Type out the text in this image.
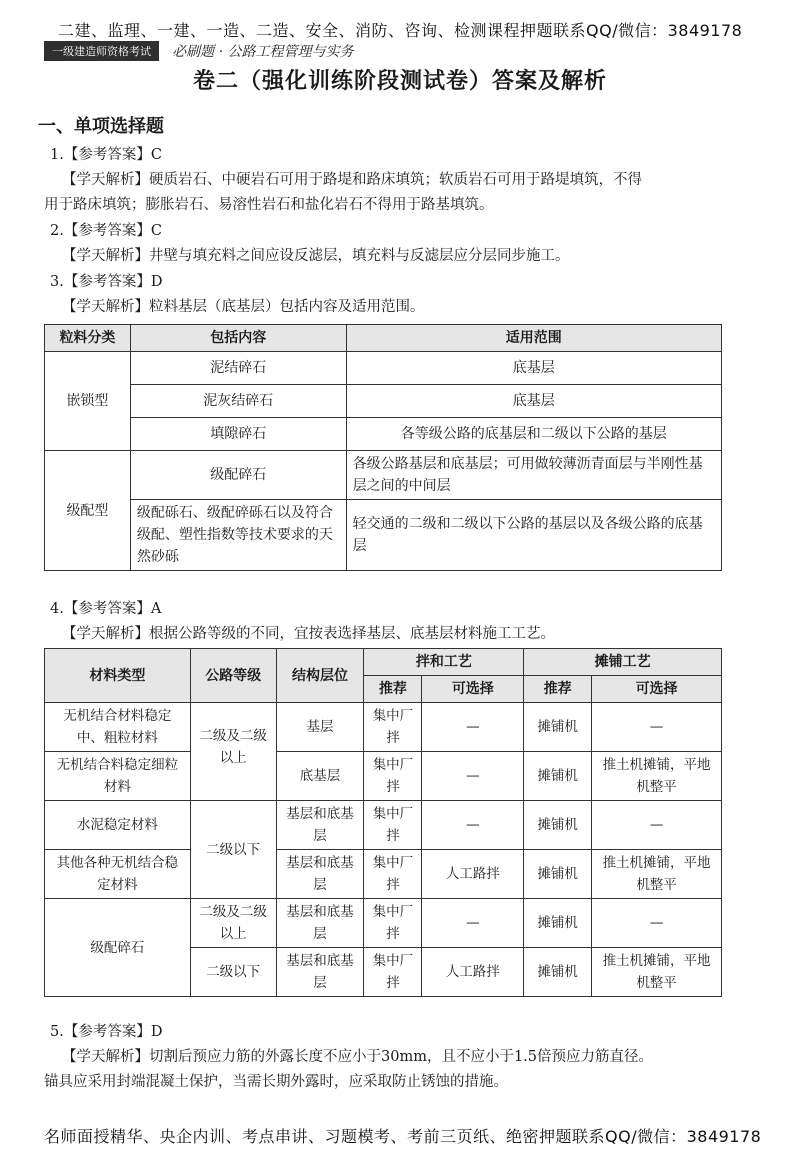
二建、监理、一建、一造、二造、安全、消防、咨询、检测课程押题联系QQ/微信：3849178
一级建造师资格考试 必刷题 · 公路工程管理与实务
卷二（强化训练阶段测试卷）答案及解析
一、单项选择题
1.【参考答案】C
【学天解析】硬质岩石、中硬岩石可用于路堤和路床填筑；软质岩石可用于路堤填筑，不得
用于路床填筑；膨胀岩石、易溶性岩石和盐化岩石不得用于路基填筑。
2.【参考答案】C
【学天解析】井壁与填充料之间应设反滤层，填充料与反滤层应分层同步施工。
3.【参考答案】D
【学天解析】粒料基层（底基层）包括内容及适用范围。
粒料分类	包括内容	适用范围
嵌锁型	泥结碎石	底基层
	泥灰结碎石	底基层
	填隙碎石	各等级公路的底基层和二级以下公路的基层
级配型	级配碎石	各级公路基层和底基层；可用做较薄沥青面层与半刚性基层之间的中间层
	级配砾石、级配碎砾石以及符合级配、塑性指数等技术要求的天然砂砾	轻交通的二级和二级以下公路的基层以及各级公路的底基层
4.【参考答案】A
【学天解析】根据公路等级的不同，宜按表选择基层、底基层材料施工工艺。
材料类型	公路等级	结构层位	拌和工艺		摊铺工艺	
			推荐	可选择	推荐	可选择
无机结合材料稳定中、粗粒材料	二级及二级以上	基层	集中厂拌	—	摊铺机	—
无机结合料稳定细粒材料		底基层	集中厂拌	—	摊铺机	推土机摊铺，平地机整平
水泥稳定材料	二级以下	基层和底基层	集中厂拌	—	摊铺机	—
其他各种无机结合稳定材料		基层和底基层	集中厂拌	人工路拌	摊铺机	推土机摊铺，平地机整平
级配碎石	二级及二级以上	基层和底基层	集中厂拌	—	摊铺机	—
	二级以下	基层和底基层	集中厂拌	人工路拌	摊铺机	推土机摊铺，平地机整平
5.【参考答案】D
【学天解析】切割后预应力筋的外露长度不应小于30mm，且不应小于1.5倍预应力筋直径。
锚具应采用封端混凝土保护，当需长期外露时，应采取防止锈蚀的措施。
名师面授精华、央企内训、考点串讲、习题模考、考前三页纸、绝密押题联系QQ/微信：3849178
